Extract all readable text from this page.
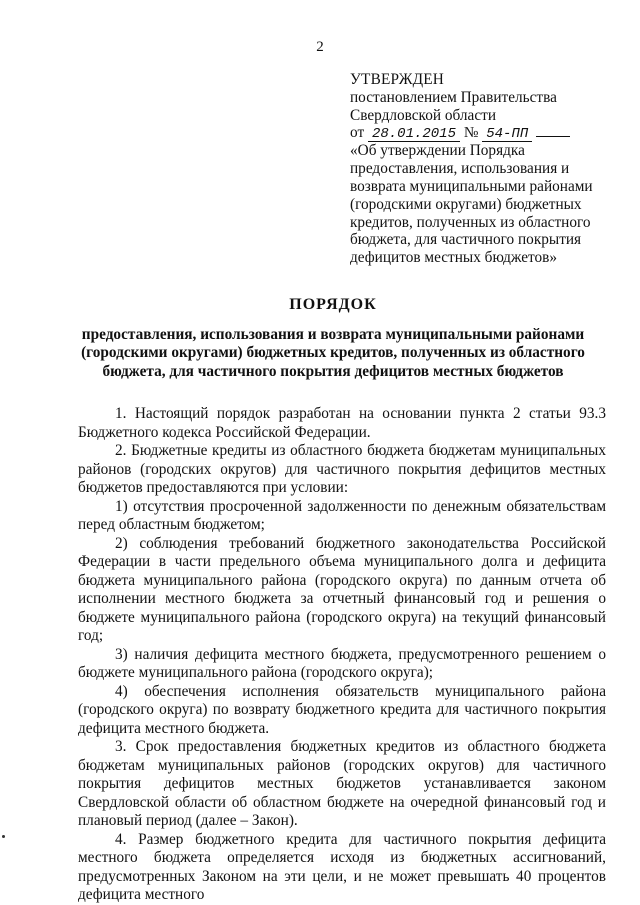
2
УТВЕРЖДЕН
постановлением Правительства
Свердловской области
от 28.01.2015 № 54-ПП
«Об утверждении Порядка
предоставления, использования и
возврата муниципальными районами
(городскими округами) бюджетных
кредитов, полученных из областного
бюджета, для частичного покрытия
дефицитов местных бюджетов»
ПОРЯДОК
предоставления, использования и возврата муниципальными районами
(городскими округами) бюджетных кредитов, полученных из областного
бюджета, для частичного покрытия дефицитов местных бюджетов

1. Настоящий порядок разработан на основании пункта 2 статьи 93.3 Бюджетного кодекса Российской Федерации.

2. Бюджетные кредиты из областного бюджета бюджетам муниципальных районов (городских округов) для частичного покрытия дефицитов местных бюджетов предоставляются при условии:

1) отсутствия просроченной задолженности по денежным обязательствам перед областным бюджетом;

2) соблюдения требований бюджетного законодательства Российской Федерации в части предельного объема муниципального долга и дефицита бюджета муниципального района (городского округа) по данным отчета об исполнении местного бюджета за отчетный финансовый год и решения о бюджете муниципального района (городского округа) на текущий финансовый год;

3) наличия дефицита местного бюджета, предусмотренного решением о бюджете муниципального района (городского округа);

4) обеспечения исполнения обязательств муниципального района (городского округа) по возврату бюджетного кредита для частичного покрытия дефицита местного бюджета.

3. Срок предоставления бюджетных кредитов из областного бюджета бюджетам муниципальных районов (городских округов) для частичного покрытия дефицитов местных бюджетов устанавливается законом Свердловской области об областном бюджете на очередной финансовый год и плановый период (далее – Закон).

4. Размер бюджетного кредита для частичного покрытия дефицита местного бюджета определяется исходя из бюджетных ассигнований, предусмотренных Законом на эти цели, и не может превышать 40 процентов дефицита местного
